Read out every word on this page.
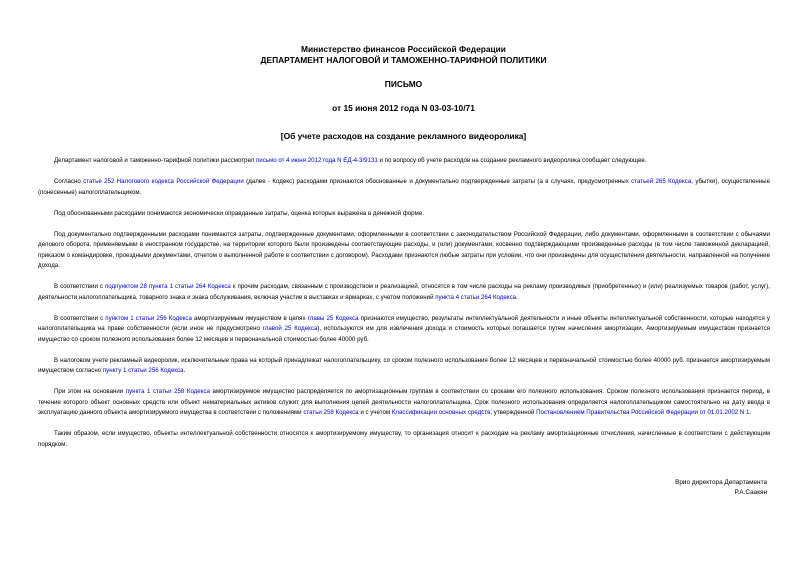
Министерство финансов Российской Федерации
ДЕПАРТАМЕНТ НАЛОГОВОЙ И ТАМОЖЕННО-ТАРИФНОЙ ПОЛИТИКИ
ПИСЬМО
от 15 июня 2012 года N 03-03-10/71
[Об учете расходов на создание рекламного видеоролика]

Департамент налоговой и таможенно-тарифной политики рассмотрел письмо от 4 июня 2012 года N ЕД-4-3/9131 и по вопросу об учете расходов на создание рекламного видеоролика сообщает следующее.

Согласно статье 252 Налогового кодекса Российской Федерации (далее - Кодекс) расходами признаются обоснованные и документально подтвержденные затраты (а в случаях, предусмотренных статьей 265 Кодекса, убытки), осуществленные (понесенные) налогоплательщиком.

Под обоснованными расходами понимаются экономически оправданные затраты, оценка которых выражена в денежной форме.

Под документально подтвержденными расходами понимаются затраты, подтвержденные документами, оформленными в соответствии с законодательством Российской Федерации, либо документами, оформленными в соответствии с обычаями делового оборота, применяемыми в иностранном государстве, на территории которого были произведены соответствующие расходы, и (или) документами, косвенно подтверждающими произведенные расходы (в том числе таможенной декларацией, приказом о командировке, проездными документами, отчетом о выполненной работе в соответствии с договором). Расходами признаются любые затраты при условии, что они произведены для осуществления деятельности, направленной на получение дохода.

В соответствии с подпунктом 28 пункта 1 статьи 264 Кодекса к прочим расходам, связанным с производством и реализацией, относятся в том числе расходы на рекламу производимых (приобретенных) и (или) реализуемых товаров (работ, услуг), деятельности налогоплательщика, товарного знака и знака обслуживания, включая участие в выставках и ярмарках, с учетом положений пункта 4 статьи 264 Кодекса.

В соответствии с пунктом 1 статьи 256 Кодекса амортизируемым имуществом в целях главы 25 Кодекса признаются имущество, результаты интеллектуальной деятельности и иные объекты интеллектуальной собственности, которые находятся у налогоплательщика на праве собственности (если иное не предусмотрено главой 25 Кодекса), используются им для извлечения дохода и стоимость которых погашается путем начисления амортизации. Амортизируемым имуществом признается имущество со сроком полезного использования более 12 месяцев и первоначальной стоимостью более 40000 руб.

В налоговом учете рекламный видеоролик, исключительные права на который принадлежат налогоплательщику, со сроком полезного использования более 12 месяцев и первоначальной стоимостью более 40000 руб. признается амортизируемым имуществом согласно пункту 1 статьи 256 Кодекса.

При этом на основании пункта 1 статьи 258 Кодекса амортизируемое имущество распределяется по амортизационным группам в соответствии со сроками его полезного использования. Сроком полезного использования признается период, в течение которого объект основных средств или объект нематериальных активов служит для выполнения целей деятельности налогоплательщика. Срок полезного использования определяется налогоплательщиком самостоятельно на дату ввода в эксплуатацию данного объекта амортизируемого имущества в соответствии с положениями статьи 258 Кодекса и с учетом Классификации основных средств, утвержденной Постановлением Правительства Российской Федерации от 01.01.2002 N 1.

Таким образом, если имущество, объекты интеллектуальной собственности относятся к амортизируемому имуществу, то организация относит к расходам на рекламу амортизационные отчисления, начисленные в соответствии с действующим порядком.

Врио директора Департамента
Р.А.Саакян
